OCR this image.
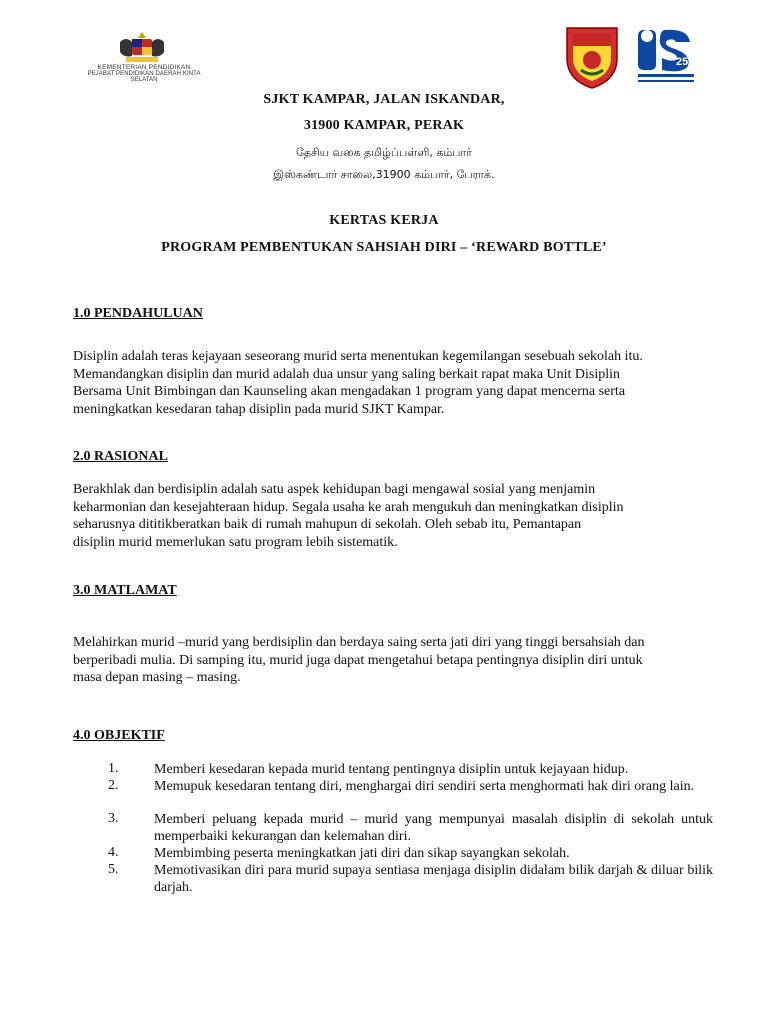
KEMENTERIAN PENDIDIKAN
PEJABAT PENDIDIKAN DAERAH KINTA SELATAN
25
SJKT KAMPAR, JALAN ISKANDAR,
31900 KAMPAR, PERAK
தேசிய வகை தமிழ்ப்பள்ளி, கம்பார்
இஸ்கண்டார் சாலை,31900 கம்பார், பேராக்.
KERTAS KERJA
PROGRAM PEMBENTUKAN SAHSIAH DIRI – ‘REWARD BOTTLE’
1.0 PENDAHULUAN
Disiplin adalah teras kejayaan seseorang murid serta menentukan kegemilangan sesebuah sekolah itu.
Memandangkan disiplin dan murid adalah dua unsur yang saling berkait rapat maka Unit Disiplin
Bersama Unit Bimbingan dan Kaunseling akan mengadakan 1 program yang dapat mencerna serta
meningkatkan kesedaran tahap disiplin pada murid SJKT Kampar.
2.0 RASIONAL
Berakhlak dan berdisiplin adalah satu aspek kehidupan bagi mengawal sosial yang menjamin
keharmonian dan kesejahteraan hidup. Segala usaha ke arah mengukuh dan meningkatkan disiplin
seharusnya dititikberatkan baik di rumah mahupun di sekolah. Oleh sebab itu, Pemantapan
disiplin murid memerlukan satu program lebih sistematik.
3.0 MATLAMAT
Melahirkan murid –murid yang berdisiplin dan berdaya saing serta jati diri yang tinggi bersahsiah dan
berperibadi mulia. Di samping itu, murid juga dapat mengetahui betapa pentingnya disiplin diri untuk
masa depan masing – masing.
4.0 OBJEKTIF
1.	Memberi kesedaran kepada murid tentang pentingnya disiplin untuk kejayaan hidup.
2.	Memupuk kesedaran tentang diri, menghargai diri sendiri serta menghormati hak diri orang lain.
3.	Memberi peluang kepada murid – murid yang mempunyai masalah disiplin di sekolah untuk memperbaiki kekurangan dan kelemahan diri.
4.	Membimbing peserta meningkatkan jati diri dan sikap sayangkan sekolah.
5.	Memotivasikan diri para murid supaya sentiasa menjaga disiplin didalam bilik darjah & diluar bilik darjah.
